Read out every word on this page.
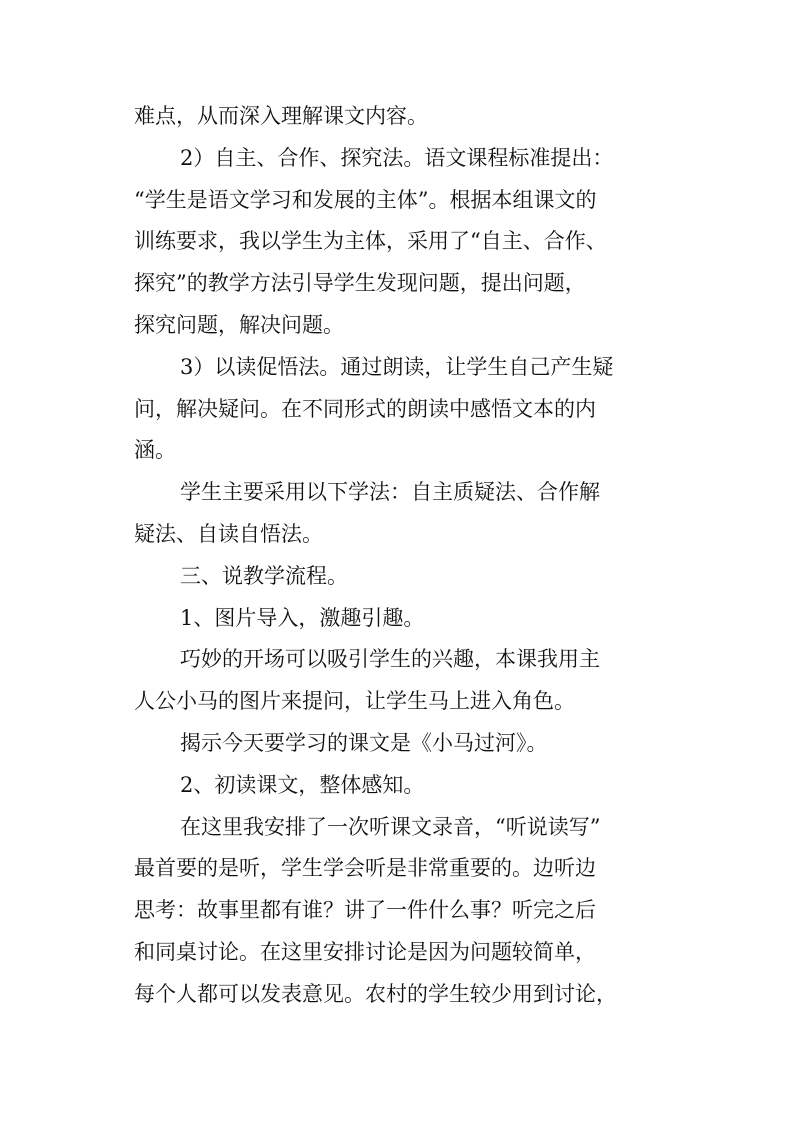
难点，从而深入理解课文内容。
2）自主、合作、探究法。语文课程标准提出：
“学生是语文学习和发展的主体”。根据本组课文的
训练要求，我以学生为主体，采用了“自主、合作、
探究”的教学方法引导学生发现问题，提出问题，
探究问题，解决问题。
3）以读促悟法。通过朗读，让学生自己产生疑
问，解决疑问。在不同形式的朗读中感悟文本的内
涵。
学生主要采用以下学法：自主质疑法、合作解
疑法、自读自悟法。
三、说教学流程。
1、图片导入，激趣引趣。
巧妙的开场可以吸引学生的兴趣，本课我用主
人公小马的图片来提问，让学生马上进入角色。
揭示今天要学习的课文是《小马过河》。
2、初读课文，整体感知。
在这里我安排了一次听课文录音，“听说读写”
最首要的是听，学生学会听是非常重要的。边听边
思考：故事里都有谁？讲了一件什么事？听完之后
和同桌讨论。在这里安排讨论是因为问题较简单，
每个人都可以发表意见。农村的学生较少用到讨论，
